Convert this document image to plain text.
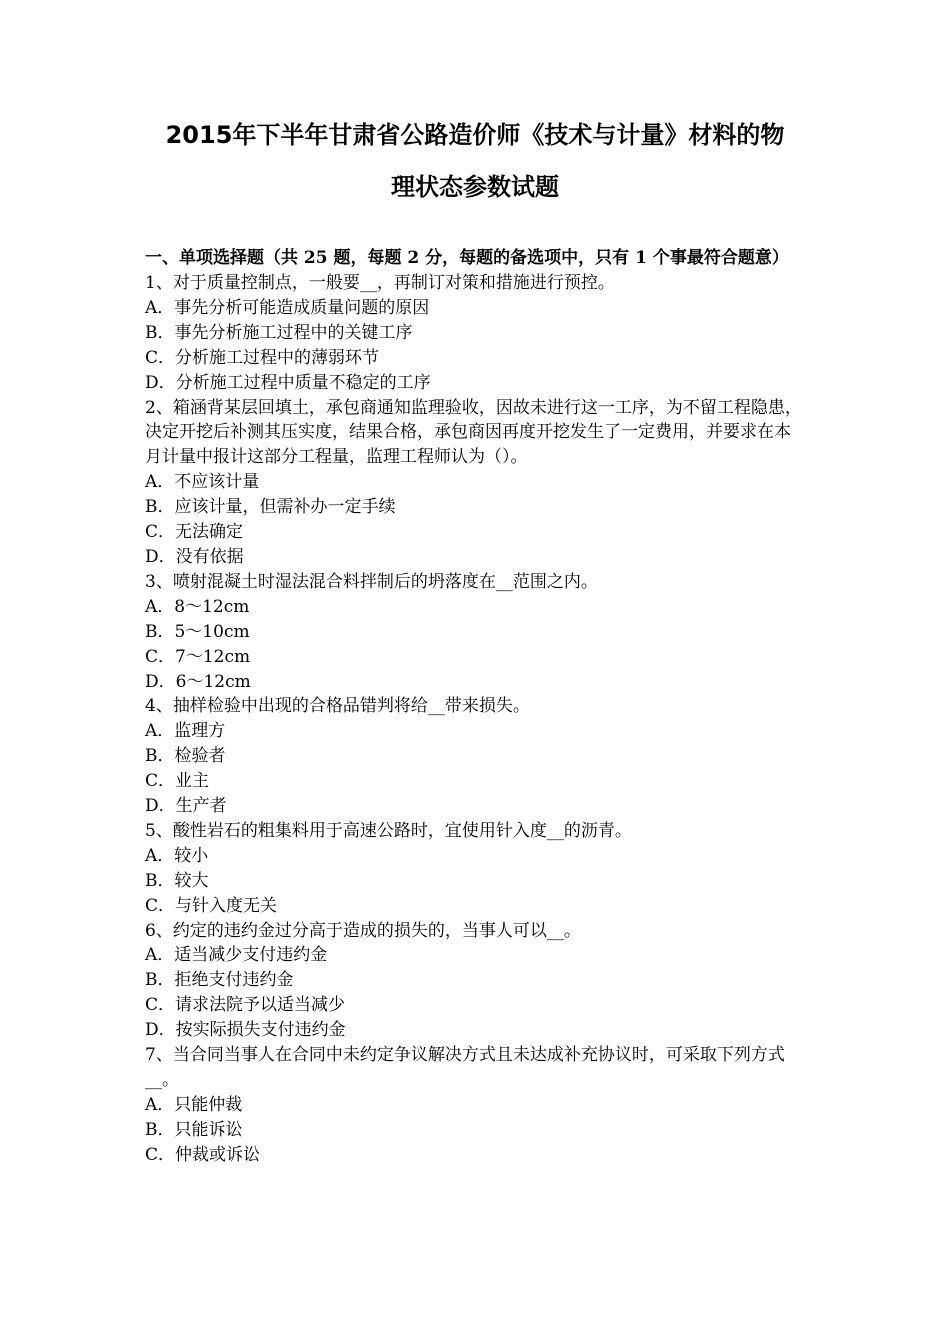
2015年下半年甘肃省公路造价师《技术与计量》材料的物
理状态参数试题

一、单项选择题（共 25 题，每题 2 分，每题的备选项中，只有 1 个事最符合题意）

1、对于质量控制点，一般要__，再制订对策和措施进行预控。

A．事先分析可能造成质量问题的原因

B．事先分析施工过程中的关键工序

C．分析施工过程中的薄弱环节

D．分析施工过程中质量不稳定的工序

2、箱涵背某层回填土，承包商通知监理验收，因故未进行这一工序，为不留工程隐患，决定开挖后补测其压实度，结果合格，承包商因再度开挖发生了一定费用，并要求在本月计量中报计这部分工程量，监理工程师认为（）。

A．不应该计量

B．应该计量，但需补办一定手续

C．无法确定

D．没有依据

3、喷射混凝土时湿法混合料拌制后的坍落度在__范围之内。

A．8～12cm

B．5～10cm

C．7～12cm

D．6～12cm

4、抽样检验中出现的合格品错判将给__带来损失。

A．监理方

B．检验者

C．业主

D．生产者

5、酸性岩石的粗集料用于高速公路时，宜使用针入度__的沥青。

A．较小

B．较大

C．与针入度无关

6、约定的违约金过分高于造成的损失的，当事人可以__。

A．适当减少支付违约金

B．拒绝支付违约金

C．请求法院予以适当减少

D．按实际损失支付违约金

7、当合同当事人在合同中未约定争议解决方式且未达成补充协议时，可采取下列方式__。

A．只能仲裁

B．只能诉讼

C．仲裁或诉讼
